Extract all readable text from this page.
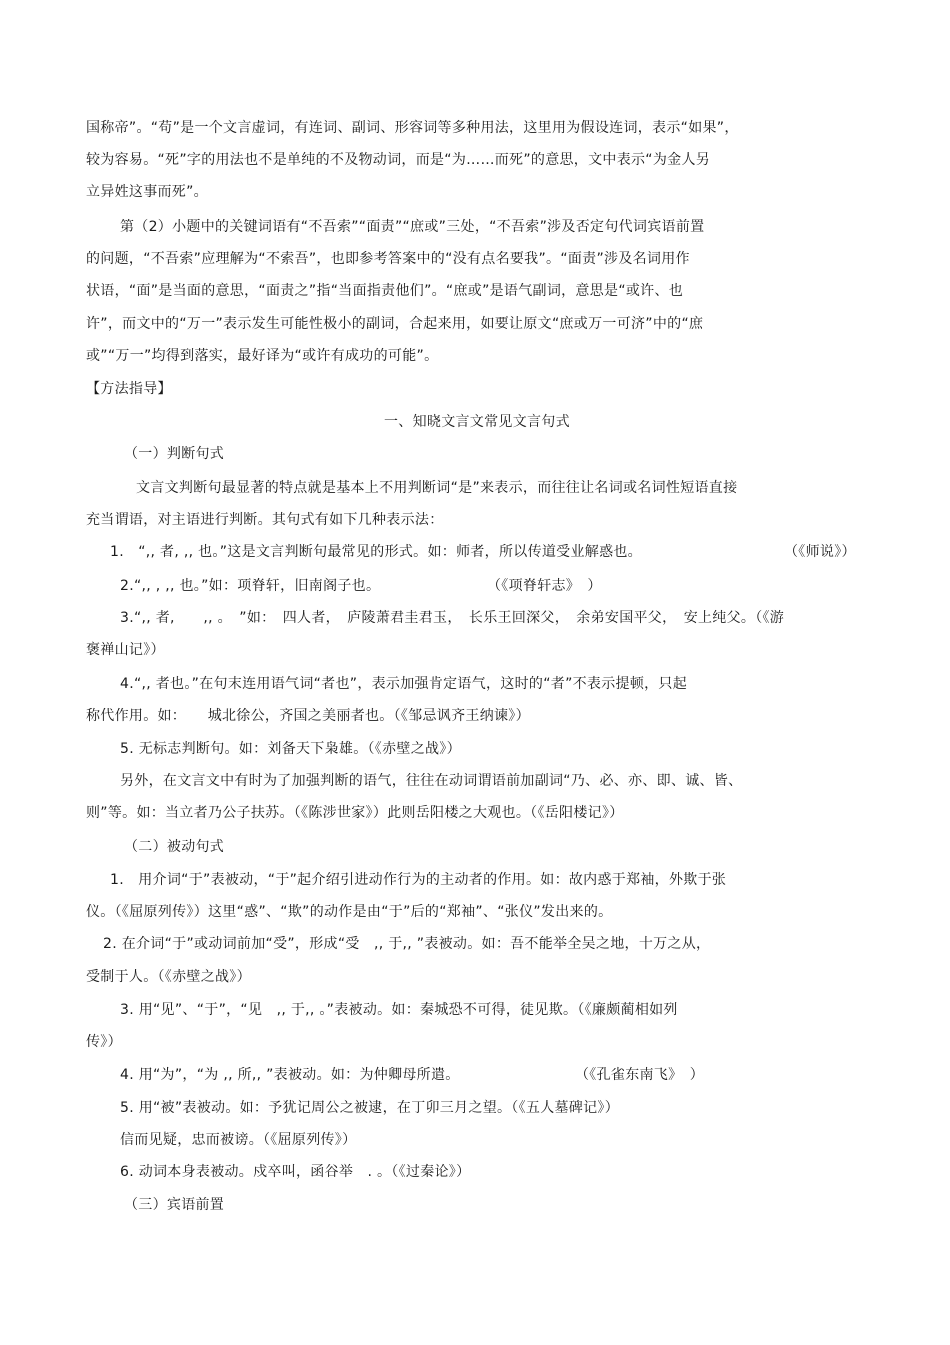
国称帝”。“苟”是一个文言虚词，有连词、副词、形容词等多种用法，这里用为假设连词，表示“如果”，
较为容易。“死”字的用法也不是单纯的不及物动词，而是“为……而死”的意思，文中表示“为金人另
立异姓这事而死”。
第（2）小题中的关键词语有“不吾索”“面责”“庶或”三处，“不吾索”涉及否定句代词宾语前置
的问题，“不吾索”应理解为“不索吾”，也即参考答案中的“没有点名要我”。“面责”涉及名词用作
状语，“面”是当面的意思，“面责之”指“当面指责他们”。“庶或”是语气副词，意思是“或许、也
许”，而文中的“万一”表示发生可能性极小的副词，合起来用，如要让原文“庶或万一可济”中的“庶
或”“万一”均得到落实，最好译为“或许有成功的可能”。
【方法指导】
一、知晓文言文常见文言句式
（一）判断句式
文言文判断句最显著的特点就是基本上不用判断词“是”来表示，而往往让名词或名词性短语直接
充当谓语，对主语进行判断。其句式有如下几种表示法：
1.　“,, 者, ,, 也。”这是文言判断句最常见的形式。如：师者，所以传道受业解惑也。	（《师说》）
2.“,, , ,, 也。”如：项脊轩，旧南阁子也。	（《项脊轩志》　）
3.“,, 者,　　,, 。　”如：　四人者，　庐陵萧君圭君玉，　长乐王回深父，　余弟安国平父，　安上纯父。（《游
褒禅山记》）
4.“,, 者也。”在句末连用语气词“者也”，表示加强肯定语气，这时的“者”不表示提顿，只起
称代作用。如：　　城北徐公，齐国之美丽者也。（《邹忌讽齐王纳谏》）
5. 无标志判断句。如：刘备天下枭雄。（《赤壁之战》）
另外，在文言文中有时为了加强判断的语气，往往在动词谓语前加副词“乃、必、亦、即、诚、皆、
则”等。如：当立者乃公子扶苏。（《陈涉世家》）此则岳阳楼之大观也。（《岳阳楼记》）
（二）被动句式
1.　用介词“于”表被动，“于”起介绍引进动作行为的主动者的作用。如：故内惑于郑袖，外欺于张
仪。（《屈原列传》）这里“惑”、“欺”的动作是由“于”后的“郑袖”、“张仪”发出来的。
2. 在介词“于”或动词前加“受”，形成“受　,, 于,, ”表被动。如：吾不能举全吴之地，十万之从，
受制于人。（《赤壁之战》）
3. 用“见”、“于”，“见　,, 于,, 。”表被动。如：秦城恐不可得，徒见欺。（《廉颇蔺相如列
传》）
4. 用“为”，“为 ,, 所,, ”表被动。如：为仲卿母所遣。	（《孔雀东南飞》　）
5. 用“被”表被动。如：予犹记周公之被逮，在丁卯三月之望。（《五人墓碑记》）
信而见疑，忠而被谤。（《屈原列传》）
6. 动词本身表被动。戍卒叫，函谷举　. 。（《过秦论》）
（三）宾语前置
